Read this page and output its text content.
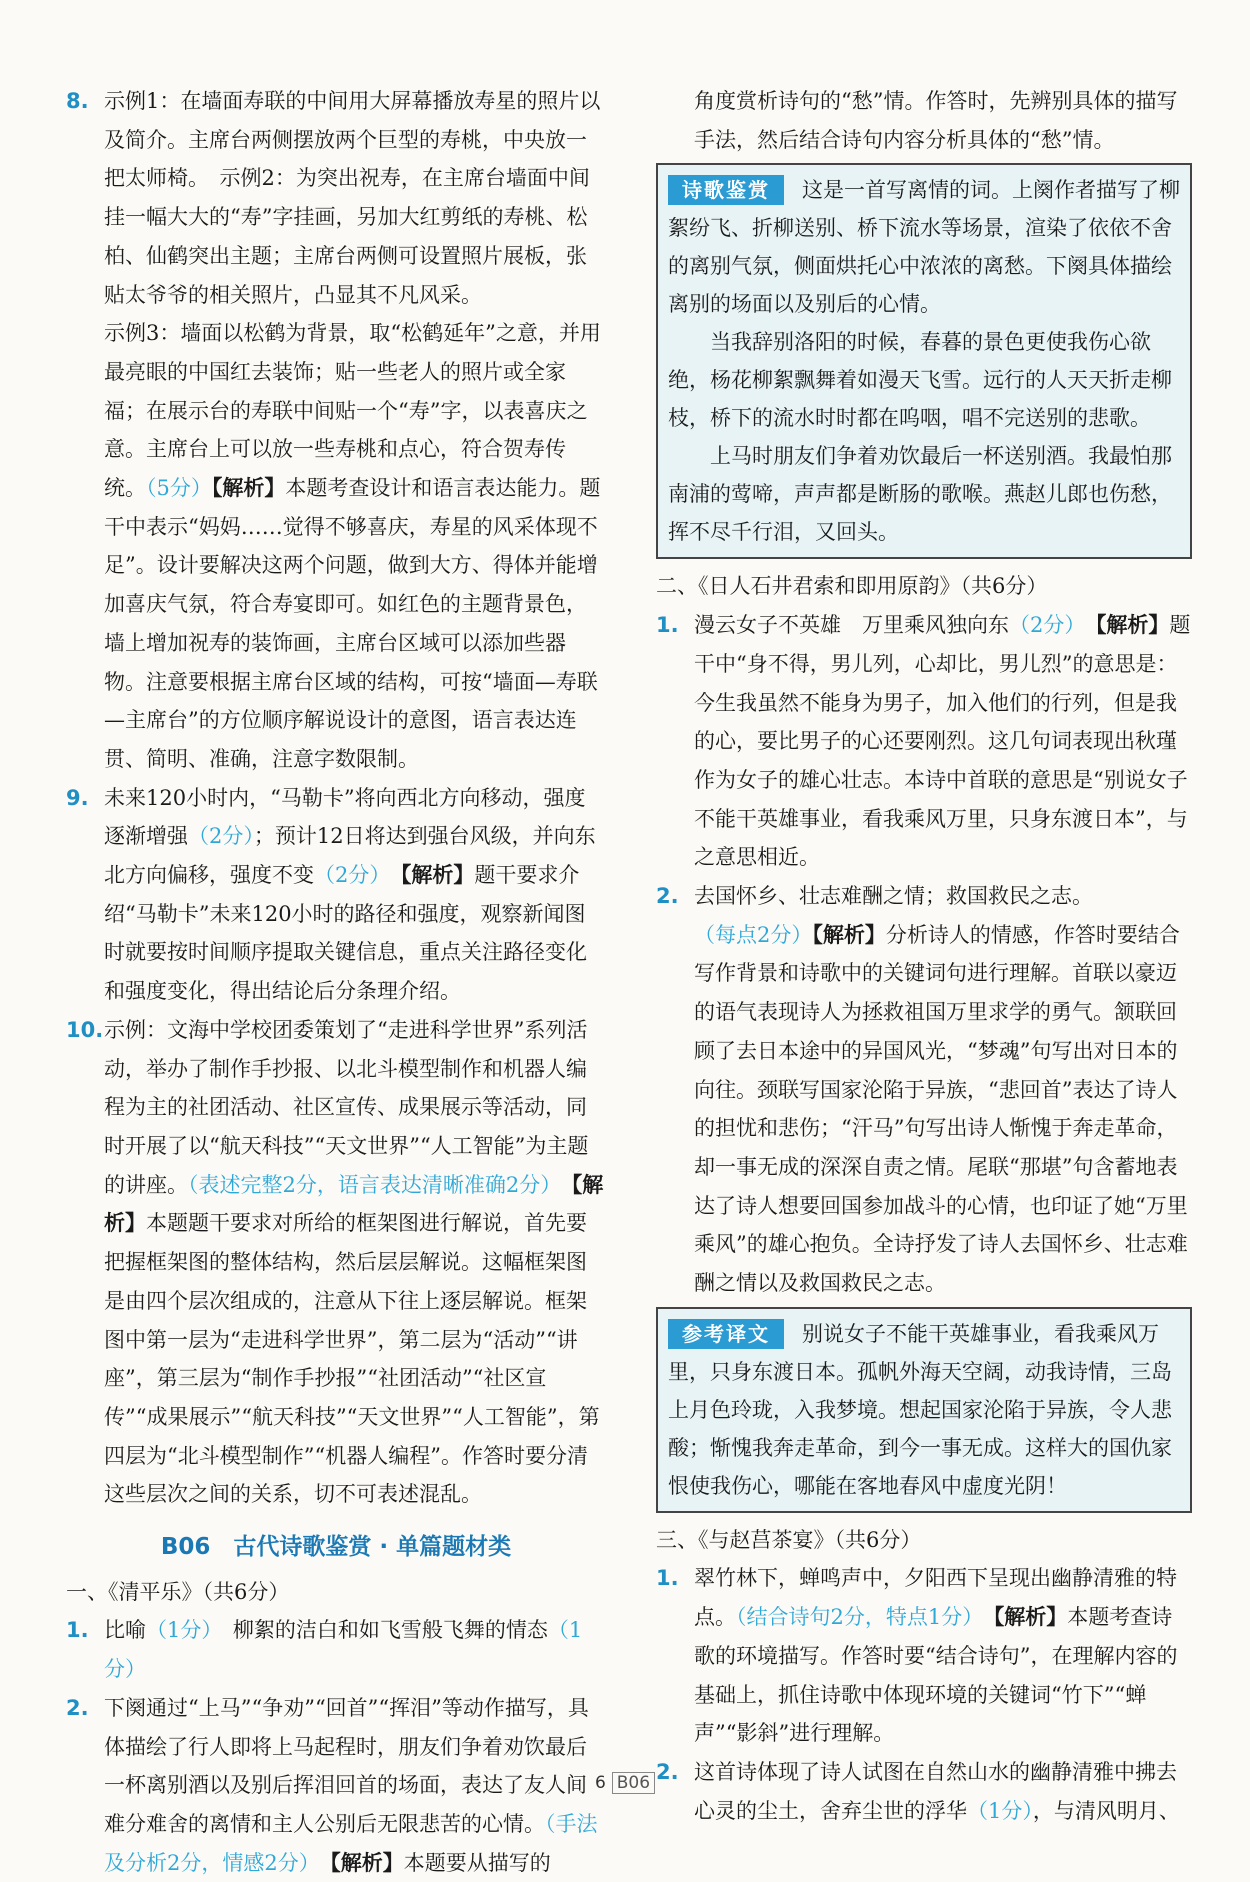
8. 示例1：在墙面寿联的中间用大屏幕播放寿星的照片以及简介。主席台两侧摆放两个巨型的寿桃，中央放一把太师椅。　示例2：为突出祝寿，在主席台墙面中间挂一幅大大的“寿”字挂画，另加大红剪纸的寿桃、松柏、仙鹤突出主题；主席台两侧可设置照片展板，张贴太爷爷的相关照片，凸显其不凡风采。

示例3：墙面以松鹤为背景，取“松鹤延年”之意，并用最亮眼的中国红去装饰；贴一些老人的照片或全家福；在展示台的寿联中间贴一个“寿”字，以表喜庆之意。主席台上可以放一些寿桃和点心，符合贺寿传统。（5分）【解析】本题考查设计和语言表达能力。题干中表示“妈妈……觉得不够喜庆，寿星的风采体现不足”。设计要解决这两个问题，做到大方、得体并能增加喜庆气氛，符合寿宴即可。如红色的主题背景色，墙上增加祝寿的装饰画，主席台区域可以添加些器物。注意要根据主席台区域的结构，可按“墙面—寿联—主席台”的方位顺序解说设计的意图，语言表达连贯、简明、准确，注意字数限制。

9. 未来120小时内，“马勒卡”将向西北方向移动，强度逐渐增强（2分）；预计12日将达到强台风级，并向东北方向偏移，强度不变（2分）　 【解析】题干要求介绍“马勒卡”未来120小时的路径和强度，观察新闻图时就要按时间顺序提取关键信息，重点关注路径变化和强度变化，得出结论后分条理介绍。

10. 示例：文海中学校团委策划了“走进科学世界”系列活动，举办了制作手抄报、以北斗模型制作和机器人编程为主的社团活动、社区宣传、成果展示等活动，同时开展了以“航天科技”“天文世界”“人工智能”为主题的讲座。（表述完整2分，语言表达清晰准确2分）　 【解析】本题题干要求对所给的框架图进行解说，首先要把握框架图的整体结构，然后层层解说。这幅框架图是由四个层次组成的，注意从下往上逐层解说。框架图中第一层为“走进科学世界”，第二层为“活动”“讲座”，第三层为“制作手抄报”“社团活动”“社区宣传”“成果展示”“航天科技”“天文世界”“人工智能”，第四层为“北斗模型制作”“机器人编程”。作答时要分清这些层次之间的关系，切不可表述混乱。

B06　古代诗歌鉴赏 · 单篇题材类

一、《清平乐》（共6分）

1. 比喻（1分）　柳絮的洁白和如飞雪般飞舞的情态（1分）

2. 下阕通过“上马”“争劝”“回首”“挥泪”等动作描写，具体描绘了行人即将上马起程时，朋友们争着劝饮最后一杯离别酒以及别后挥泪回首的场面，表达了友人间难分难舍的离情和主人公别后无限悲苦的心情。（手法及分析2分，情感2分）　 【解析】本题要从描写的

角度赏析诗句的“愁”情。作答时，先辨别具体的描写手法，然后结合诗句内容分析具体的“愁”情。

诗歌鉴赏 这是一首写离情的词。上阕作者描写了柳絮纷飞、折柳送别、桥下流水等场景，渲染了依依不舍的离别气氛，侧面烘托心中浓浓的离愁。下阕具体描绘离别的场面以及别后的心情。

当我辞别洛阳的时候，春暮的景色更使我伤心欲绝，杨花柳絮飘舞着如漫天飞雪。远行的人天天折走柳枝，桥下的流水时时都在呜咽，唱不完送别的悲歌。

上马时朋友们争着劝饮最后一杯送别酒。我最怕那南浦的莺啼，声声都是断肠的歌喉。燕赵儿郎也伤愁，挥不尽千行泪，又回头。

二、《日人石井君索和即用原韵》（共6分）

1. 漫云女子不英雄　万里乘风独向东（2分）　 【解析】题干中“身不得，男儿列，心却比，男儿烈”的意思是：今生我虽然不能身为男子，加入他们的行列，但是我的心，要比男子的心还要刚烈。这几句词表现出秋瑾作为女子的雄心壮志。本诗中首联的意思是“别说女子不能干英雄事业，看我乘风万里，只身东渡日本”，与之意思相近。

2. 去国怀乡、壮志难酬之情；救国救民之志。（每点2分）【解析】分析诗人的情感，作答时要结合写作背景和诗歌中的关键词句进行理解。首联以豪迈的语气表现诗人为拯救祖国万里求学的勇气。颔联回顾了去日本途中的异国风光，“梦魂”句写出对日本的向往。颈联写国家沦陷于异族，“悲回首”表达了诗人的担忧和悲伤；“汗马”句写出诗人惭愧于奔走革命，却一事无成的深深自责之情。尾联“那堪”句含蓄地表达了诗人想要回国参加战斗的心情，也印证了她“万里乘风”的雄心抱负。全诗抒发了诗人去国怀乡、壮志难酬之情以及救国救民之志。

参考译文 别说女子不能干英雄事业，看我乘风万里，只身东渡日本。孤帆外海天空阔，动我诗情，三岛上月色玲珑，入我梦境。想起国家沦陷于异族，令人悲酸；惭愧我奔走革命，到今一事无成。这样大的国仇家恨使我伤心，哪能在客地春风中虚度光阴！

三、《与赵莒茶宴》（共6分）

1. 翠竹林下，蝉鸣声中，夕阳西下呈现出幽静清雅的特点。（结合诗句2分，特点1分）　 【解析】本题考查诗歌的环境描写。作答时要“结合诗句”，在理解内容的基础上，抓住诗歌中体现环境的关键词“竹下”“蝉声”“影斜”进行理解。

2. 这首诗体现了诗人试图在自然山水的幽静清雅中拂去心灵的尘土，舍弃尘世的浮华（1分），与清风明月、

6 B06
